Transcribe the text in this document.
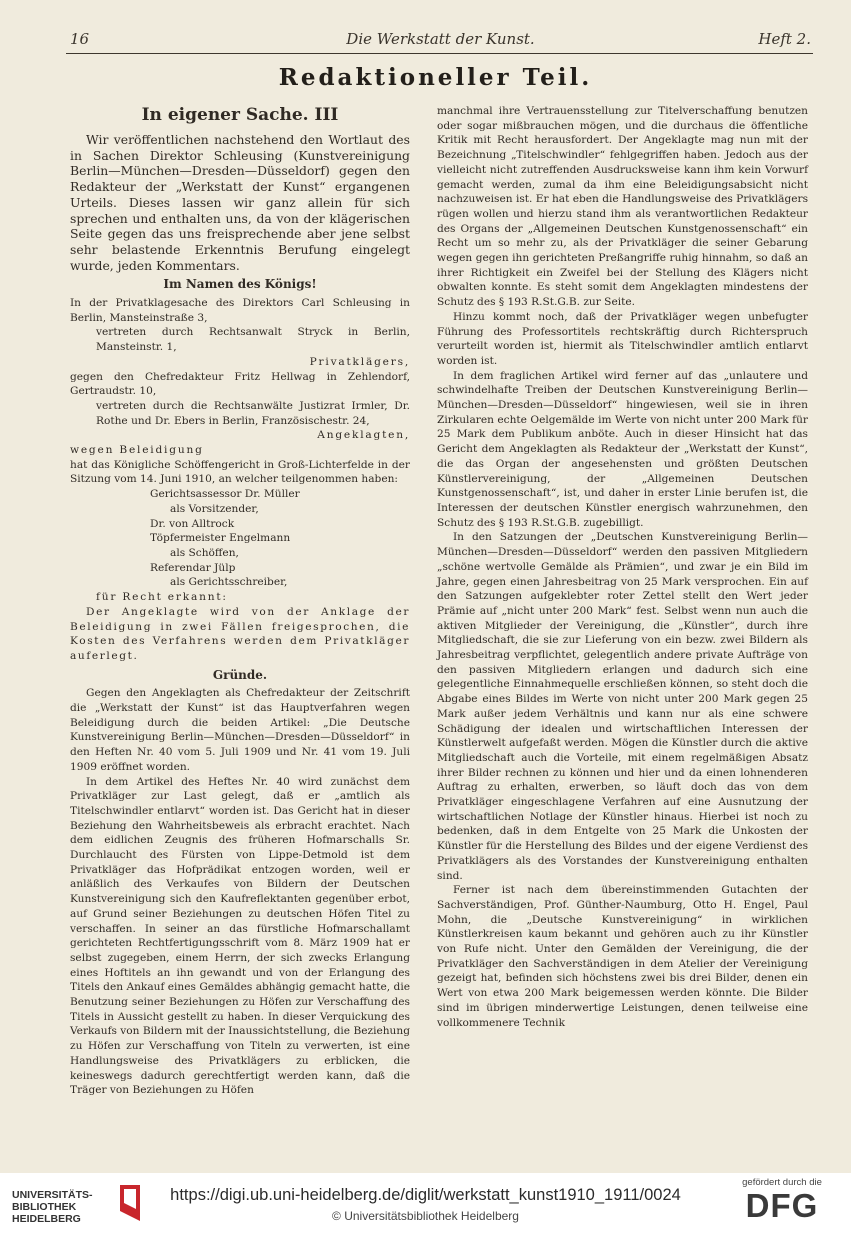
16	Die Werkstatt der Kunst.	Heft 2.
Redaktioneller Teil.
In eigener Sache. III

Wir veröffentlichen nachstehend den Wortlaut des in Sachen Direktor Schleusing (Kunstvereinigung Berlin—München—Dresden—Düsseldorf) gegen den Redakteur der „Werkstatt der Kunst“ ergangenen Urteils. Dieses lassen wir ganz allein für sich sprechen und enthalten uns, da von der klägerischen Seite gegen das uns freisprechende aber jene selbst sehr belastende Erkenntnis Berufung eingelegt wurde, jeden Kommentars.

Im Namen des Königs!

In der Privatklagesache des Direktors Carl Schleusing in Berlin, Mansteinstraße 3,

vertreten durch Rechtsanwalt Stryck in Berlin, Mansteinstr. 1,

Privatklägers,

gegen den Chefredakteur Fritz Hellwag in Zehlendorf, Gertraudstr. 10,

vertreten durch die Rechtsanwälte Justizrat Irmler, Dr. Rothe und Dr. Ebers in Berlin, Französischestr. 24,

Angeklagten,

wegen Beleidigung

hat das Königliche Schöffengericht in Groß-Lichterfelde in der Sitzung vom 14. Juni 1910, an welcher teilgenommen haben:

Gerichtsassessor Dr. Müller

als Vorsitzender,

Dr. von Alltrock

Töpfermeister Engelmann

als Schöffen,

Referendar Jülp

als Gerichtsschreiber,

für Recht erkannt:

Der Angeklagte wird von der Anklage der Beleidigung in zwei Fällen freigesprochen, die Kosten des Verfahrens werden dem Privatkläger auferlegt.

Gründe.

Gegen den Angeklagten als Chefredakteur der Zeitschrift die „Werkstatt der Kunst“ ist das Hauptverfahren wegen Beleidigung durch die beiden Artikel: „Die Deutsche Kunstvereinigung Berlin—München—Dresden—Düsseldorf“ in den Heften Nr. 40 vom 5. Juli 1909 und Nr. 41 vom 19. Juli 1909 eröffnet worden.

In dem Artikel des Heftes Nr. 40 wird zunächst dem Privatkläger zur Last gelegt, daß er „amtlich als Titelschwindler entlarvt“ worden ist. Das Gericht hat in dieser Beziehung den Wahrheitsbeweis als erbracht erachtet. Nach dem eidlichen Zeugnis des früheren Hofmarschalls Sr. Durchlaucht des Fürsten von Lippe-Detmold ist dem Privatkläger das Hofprädikat entzogen worden, weil er anläßlich des Verkaufes von Bildern der Deutschen Kunstvereinigung sich den Kaufreflektanten gegenüber erbot, auf Grund seiner Beziehungen zu deutschen Höfen Titel zu verschaffen. In seiner an das fürstliche Hofmarschallamt gerichteten Rechtfertigungsschrift vom 8. März 1909 hat er selbst zugegeben, einem Herrn, der sich zwecks Erlangung eines Hoftitels an ihn gewandt und von der Erlangung des Titels den Ankauf eines Gemäldes abhängig gemacht hatte, die Benutzung seiner Beziehungen zu Höfen zur Verschaffung des Titels in Aussicht gestellt zu haben. In dieser Verquickung des Verkaufs von Bildern mit der Inaussichtstellung, die Beziehung zu Höfen zur Verschaffung von Titeln zu verwerten, ist eine Handlungsweise des Privatklägers zu erblicken, die keineswegs dadurch gerechtfertigt werden kann, daß die Träger von Beziehungen zu Höfen

manchmal ihre Vertrauensstellung zur Titelverschaffung benutzen oder sogar mißbrauchen mögen, und die durchaus die öffentliche Kritik mit Recht herausfordert. Der Angeklagte mag nun mit der Bezeichnung „Titelschwindler“ fehlgegriffen haben. Jedoch aus der vielleicht nicht zutreffenden Ausdrucksweise kann ihm kein Vorwurf gemacht werden, zumal da ihm eine Beleidigungsabsicht nicht nachzuweisen ist. Er hat eben die Handlungsweise des Privatklägers rügen wollen und hierzu stand ihm als verantwortlichen Redakteur des Organs der „Allgemeinen Deutschen Kunstgenossenschaft“ ein Recht um so mehr zu, als der Privatkläger die seiner Gebarung wegen gegen ihn gerichteten Preßangriffe ruhig hinnahm, so daß an ihrer Richtigkeit ein Zweifel bei der Stellung des Klägers nicht obwalten konnte. Es steht somit dem Angeklagten mindestens der Schutz des § 193 R.St.G.B. zur Seite.

Hinzu kommt noch, daß der Privatkläger wegen unbefugter Führung des Professortitels rechtskräftig durch Richterspruch verurteilt worden ist, hiermit als Titelschwindler amtlich entlarvt worden ist.

In dem fraglichen Artikel wird ferner auf das „unlautere und schwindelhafte Treiben der Deutschen Kunstvereinigung Berlin—München—Dresden—Düsseldorf“ hingewiesen, weil sie in ihren Zirkularen echte Oelgemälde im Werte von nicht unter 200 Mark für 25 Mark dem Publikum anböte. Auch in dieser Hinsicht hat das Gericht dem Angeklagten als Redakteur der „Werkstatt der Kunst“, die das Organ der angesehensten und größten Deutschen Künstlervereinigung, der „Allgemeinen Deutschen Kunstgenossenschaft“, ist, und daher in erster Linie berufen ist, die Interessen der deutschen Künstler energisch wahrzunehmen, den Schutz des § 193 R.St.G.B. zugebilligt.

In den Satzungen der „Deutschen Kunstvereinigung Berlin—München—Dresden—Düsseldorf“ werden den passiven Mitgliedern „schöne wertvolle Gemälde als Prämien“, und zwar je ein Bild im Jahre, gegen einen Jahresbeitrag von 25 Mark versprochen. Ein auf den Satzungen aufgeklebter roter Zettel stellt den Wert jeder Prämie auf „nicht unter 200 Mark“ fest. Selbst wenn nun auch die aktiven Mitglieder der Vereinigung, die „Künstler“, durch ihre Mitgliedschaft, die sie zur Lieferung von ein bezw. zwei Bildern als Jahresbeitrag verpflichtet, gelegentlich andere private Aufträge von den passiven Mitgliedern erlangen und dadurch sich eine gelegentliche Einnahmequelle erschließen können, so steht doch die Abgabe eines Bildes im Werte von nicht unter 200 Mark gegen 25 Mark außer jedem Verhältnis und kann nur als eine schwere Schädigung der idealen und wirtschaftlichen Interessen der Künstlerwelt aufgefaßt werden. Mögen die Künstler durch die aktive Mitgliedschaft auch die Vorteile, mit einem regelmäßigen Absatz ihrer Bilder rechnen zu können und hier und da einen lohnenderen Auftrag zu erhalten, erwerben, so läuft doch das von dem Privatkläger eingeschlagene Verfahren auf eine Ausnutzung der wirtschaftlichen Notlage der Künstler hinaus. Hierbei ist noch zu bedenken, daß in dem Entgelte von 25 Mark die Unkosten der Künstler für die Herstellung des Bildes und der eigene Verdienst des Privatklägers als des Vorstandes der Kunstvereinigung enthalten sind.

Ferner ist nach dem übereinstimmenden Gutachten der Sachverständigen, Prof. Günther-Naumburg, Otto H. Engel, Paul Mohn, die „Deutsche Kunstvereinigung“ in wirklichen Künstlerkreisen kaum bekannt und gehören auch zu ihr Künstler von Rufe nicht. Unter den Gemälden der Vereinigung, die der Privatkläger den Sachverständigen in dem Atelier der Vereinigung gezeigt hat, befinden sich höchstens zwei bis drei Bilder, denen ein Wert von etwa 200 Mark beigemessen werden könnte. Die Bilder sind im übrigen minderwertige Leistungen, denen teilweise eine vollkommenere Technik

UNIVERSITÄTS-
BIBLIOTHEK
HEIDELBERG
https://digi.ub.uni-heidelberg.de/diglit/werkstatt_kunst1910_1911/0024
© Universitätsbibliothek Heidelberg
gefördert durch die
DFG
